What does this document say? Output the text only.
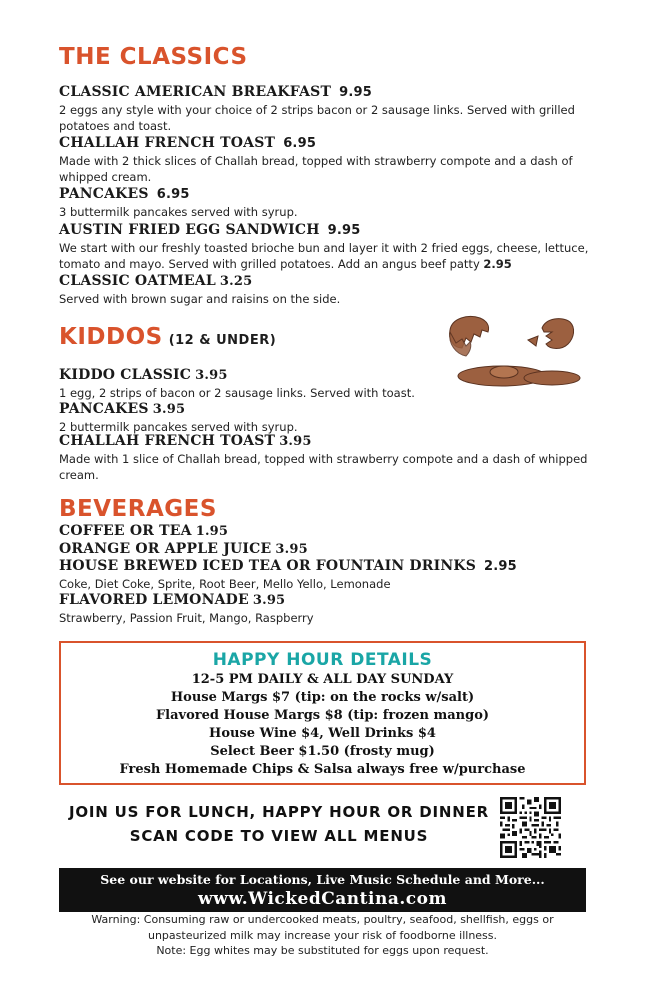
THE CLASSICS
CLASSIC AMERICAN BREAKFAST 9.95
2 eggs any style with your choice of 2 strips bacon or 2 sausage links. Served with grilled potatoes and toast.
CHALLAH FRENCH TOAST 6.95
Made with 2 thick slices of Challah bread, topped with strawberry compote and a dash of whipped cream.
PANCAKES 6.95
3 buttermilk pancakes served with syrup.
AUSTIN FRIED EGG SANDWICH 9.95
We start with our freshly toasted brioche bun and layer it with 2 fried eggs, cheese, lettuce, tomato and mayo. Served with grilled potatoes. Add an angus beef patty 2.95
CLASSIC OATMEAL 3.25
Served with brown sugar and raisins on the side.
KIDDOS (12 & UNDER)
KIDDO CLASSIC 3.95
1 egg, 2 strips of bacon or 2 sausage links. Served with toast.
PANCAKES 3.95
2 buttermilk pancakes served with syrup.
CHALLAH FRENCH TOAST 3.95
Made with 1 slice of Challah bread, topped with strawberry compote and a dash of whipped cream.
BEVERAGES
COFFEE OR TEA 1.95
ORANGE OR APPLE JUICE 3.95
HOUSE BREWED ICED TEA OR FOUNTAIN DRINKS 2.95
Coke, Diet Coke, Sprite, Root Beer, Mello Yello, Lemonade
FLAVORED LEMONADE 3.95
Strawberry, Passion Fruit, Mango, Raspberry
HAPPY HOUR DETAILS
12-5 PM DAILY & ALL DAY SUNDAY
House Margs $7 (tip: on the rocks w/salt)
Flavored House Margs $8 (tip: frozen mango)
House Wine $4, Well Drinks $4
Select Beer $1.50 (frosty mug)
Fresh Homemade Chips & Salsa always free w/purchase
JOIN US FOR LUNCH, HAPPY HOUR OR DINNER
SCAN CODE TO VIEW ALL MENUS
See our website for Locations, Live Music Schedule and More...
www.WickedCantina.com
Warning: Consuming raw or undercooked meats, poultry, seafood, shellfish, eggs or
unpasteurized milk may increase your risk of foodborne illness.
Note: Egg whites may be substituted for eggs upon request.
